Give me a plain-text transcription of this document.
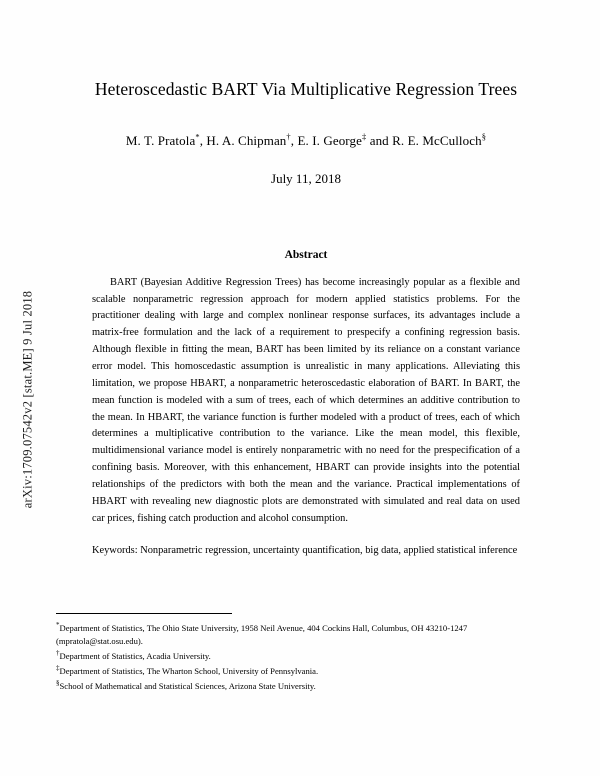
arXiv:1709.07542v2 [stat.ME] 9 Jul 2018
Heteroscedastic BART Via Multiplicative Regression Trees
M. T. Pratola*, H. A. Chipman†, E. I. George‡ and R. E. McCulloch§
July 11, 2018
Abstract

BART (Bayesian Additive Regression Trees) has become increasingly popular as a flexible and scalable nonparametric regression approach for modern applied statistics problems. For the practitioner dealing with large and complex nonlinear response surfaces, its advantages include a matrix-free formulation and the lack of a requirement to prespecify a confining regression basis. Although flexible in fitting the mean, BART has been limited by its reliance on a constant variance error model. This homoscedastic assumption is unrealistic in many applications. Alleviating this limitation, we propose HBART, a nonparametric heteroscedastic elaboration of BART. In BART, the mean function is modeled with a sum of trees, each of which determines an additive contribution to the mean. In HBART, the variance function is further modeled with a product of trees, each of which determines a multiplicative contribution to the variance. Like the mean model, this flexible, multidimensional variance model is entirely nonparametric with no need for the prespecification of a confining basis. Moreover, with this enhancement, HBART can provide insights into the potential relationships of the predictors with both the mean and the variance. Practical implementations of HBART with revealing new diagnostic plots are demonstrated with simulated and real data on used car prices, fishing catch production and alcohol consumption.

Keywords: Nonparametric regression, uncertainty quantification, big data, applied statistical inference
*Department of Statistics, The Ohio State University, 1958 Neil Avenue, 404 Cockins Hall, Columbus, OH 43210-1247 (mpratola@stat.osu.edu).
†Department of Statistics, Acadia University.
‡Department of Statistics, The Wharton School, University of Pennsylvania.
§School of Mathematical and Statistical Sciences, Arizona State University.
